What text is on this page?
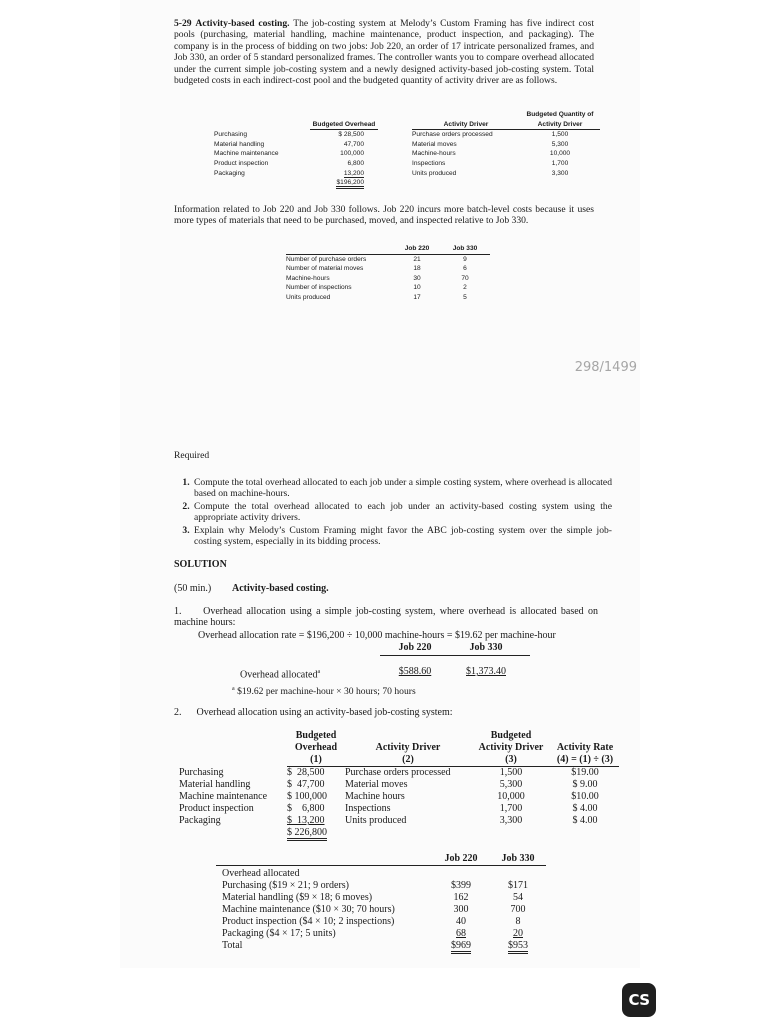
5-29 Activity-based costing. The job-costing system at Melody’s Custom Framing has five indirect cost pools (purchasing, material handling, machine maintenance, product inspection, and packaging). The company is in the process of bidding on two jobs: Job 220, an order of 17 intricate personalized frames, and Job 330, an order of 5 standard personalized frames. The controller wants you to compare overhead allocated under the current simple job-costing system and a newly designed activity-based job-costing system. Total budgeted costs in each indirect-cost pool and the budgeted quantity of activity driver are as follows.

				Budgeted Quantity of
	Budgeted Overhead		Activity Driver	Activity Driver
Purchasing	$ 28,500		Purchase orders processed	1,500
Material handling	47,700		Material moves	5,300
Machine maintenance	100,000		Machine-hours	10,000
Product inspection	6,800		Inspections	1,700
Packaging	13,200		Units produced	3,300
	$196,200			

Information related to Job 220 and Job 330 follows. Job 220 incurs more batch-level costs because it uses more types of materials that need to be purchased, moved, and inspected relative to Job 330.

	Job 220	Job 330
Number of purchase orders	21	9
Number of material moves	18	6
Machine-hours	30	70
Number of inspections	10	2
Units produced	17	5
298/1499
Required
1. Compute the total overhead allocated to each job under a simple costing system, where overhead is allocated based on machine-hours.
2. Compute the total overhead allocated to each job under an activity-based costing system using the appropriate activity drivers.
3. Explain why Melody’s Custom Framing might favor the ABC job-costing system over the simple job-costing system, especially in its bidding process.
SOLUTION
(50 min.) Activity-based costing.
1. Overhead allocation using a simple job-costing system, where overhead is allocated based on machine hours:
Overhead allocation rate = $196,200 ÷ 10,000 machine-hours = $19.62 per machine-hour
Job 220	Job 330
Overhead allocated$^a$	$588.60	$1,373.40
$^a$ $19.62 per machine-hour × 30 hours; 70 hours
2. Overhead allocation using an activity-based job-costing system:
	Budgeted		Budgeted	
	Overhead	Activity Driver	Activity Driver	Activity Rate
	(1)	(2)	(3)	(4) = (1) ÷ (3)
Purchasing	$  28,500	Purchase orders processed	1,500	$19.00
Material handling	$  47,700	Material moves	5,300	$ 9.00
Machine maintenance	$ 100,000	Machine hours	10,000	$10.00
Product inspection	$    6,800	Inspections	1,700	$ 4.00
Packaging	$  13,200	Units produced	3,300	$ 4.00
	$ 226,800			
	Job 220	Job 330
Overhead allocated		
Purchasing ($19 × 21; 9 orders)	$399	$171
Material handling ($9 × 18; 6 moves)	162	54
Machine maintenance ($10 × 30; 70 hours)	300	700
Product inspection ($4 × 10; 2 inspections)	40	8
Packaging ($4 × 17; 5 units)	68	20
Total	$969	$953
CS
